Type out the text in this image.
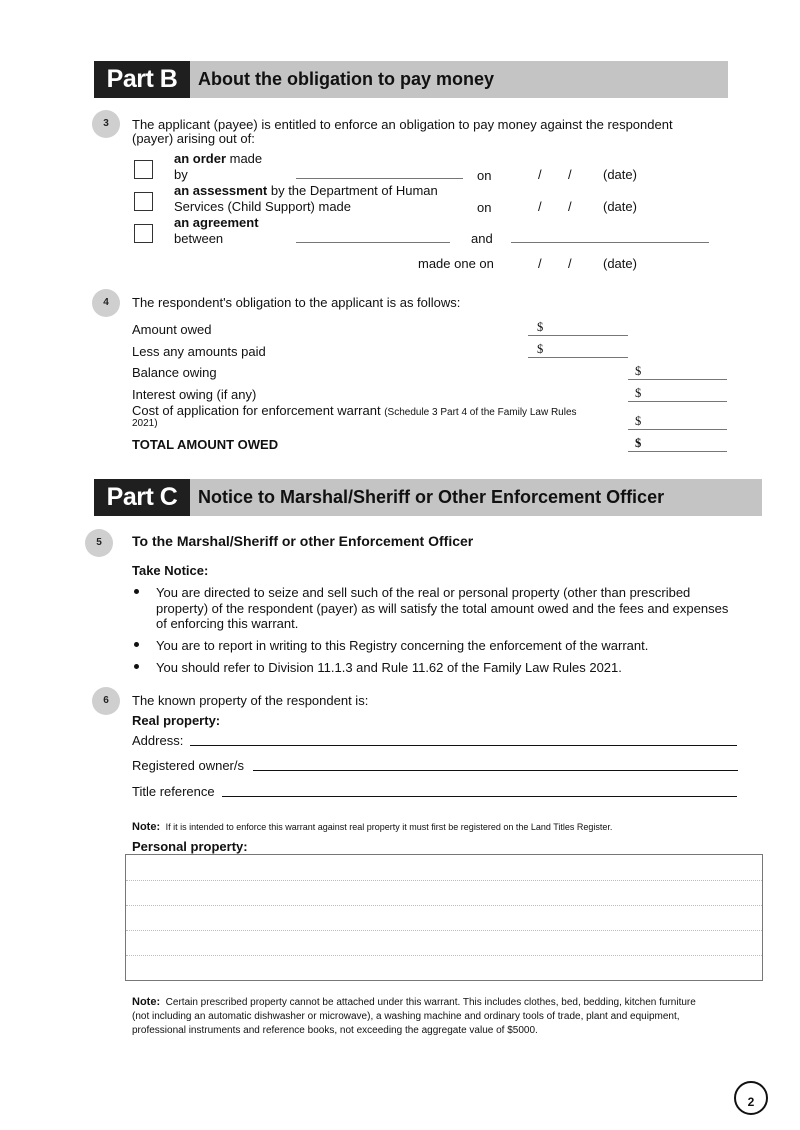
Part B	About the obligation to pay money
3	The applicant (payee) is entitled to enforce an obligation to pay money against the respondent
(payer) arising out of:
an order made
by	on	/ / (date)
an assessment by the Department of Human
Services (Child Support) made	on	/ / (date)
an agreement
between	and
made one on	/ / (date)
4	The respondent's obligation to the applicant is as follows:
Amount owed	$
Less any amounts paid	$
Balance owing	$
Interest owing (if any)	$
Cost of application for enforcement warrant (Schedule 3 Part 4 of the Family Law Rules
2021)	$
TOTAL AMOUNT OWED	$
Part C	Notice to Marshal/Sheriff or Other Enforcement Officer
5	To the Marshal/Sheriff or other Enforcement Officer
Take Notice:
You are directed to seize and sell such of the real or personal property (other than prescribed
property) of the respondent (payer) as will satisfy the total amount owed and the fees and expenses
of enforcing this warrant.
You are to report in writing to this Registry concerning the enforcement of the warrant.
You should refer to Division 11.1.3 and Rule 11.62 of the Family Law Rules 2021.
6	The known property of the respondent is:
Real property:
Address:
Registered owner/s
Title reference
Note: If it is intended to enforce this warrant against real property it must first be registered on the Land Titles Register.
Personal property:
Note: Certain prescribed property cannot be attached under this warrant. This includes clothes, bed, bedding, kitchen furniture
(not including an automatic dishwasher or microwave), a washing machine and ordinary tools of trade, plant and equipment,
professional instruments and reference books, not exceeding the aggregate value of $5000.
2
